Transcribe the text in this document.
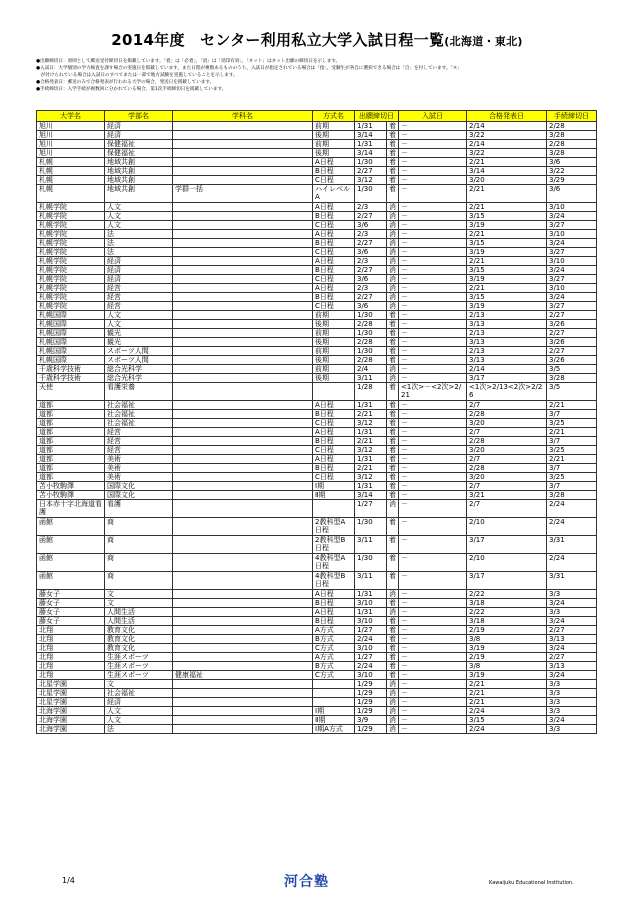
2014年度　センター利用私立大学入試日程一覧(北海道・東北)
●出願締切日：原則として郵送受付締切日を掲載しています。「着」は「必着」，「消」は「消印有効」，「ネット」はネット出願の締切日を示します。
●入試日：大学個別の学力検査を課す場合の実施日を掲載しています。また日程が複数あるもののうち，入試日が指定されている場合は「指」，受験生が各自に選択できる場合は「自」を付しています。「＊」
　が付けられている場合は入試日のすべてまたは一部で地方試験を実施していることを示します。
●合格発表日：郵送のみで合格発表が行われる大学の場合，発送日を掲載しています。
●手続締切日：入学手続が複数回に分かれている場合，第1次手続締切日を掲載しています。
大学名	学部名	学科名	方式名	出願締切日		入試日	合格発表日	手続締切日
旭川	経済		前期	1/31	着	－	2/14	2/28
旭川	経済		後期	3/14	着	－	3/22	3/28
旭川	保健福祉		前期	1/31	着	－	2/14	2/28
旭川	保健福祉		後期	3/14	着	－	3/22	3/28
札幌	地域共創		A日程	1/30	着	－	2/21	3/6
札幌	地域共創		B日程	2/27	着	－	3/14	3/22
札幌	地域共創		C日程	3/12	着	－	3/20	3/29
札幌	地域共創	学群一括	ハイレベルA	1/30	着	－	2/21	3/6
札幌学院	人文		A日程	2/3	消	－	2/21	3/10
札幌学院	人文		B日程	2/27	消	－	3/15	3/24
札幌学院	人文		C日程	3/6	消	－	3/19	3/27
札幌学院	法		A日程	2/3	消	－	2/21	3/10
札幌学院	法		B日程	2/27	消	－	3/15	3/24
札幌学院	法		C日程	3/6	消	－	3/19	3/27
札幌学院	経済		A日程	2/3	消	－	2/21	3/10
札幌学院	経済		B日程	2/27	消	－	3/15	3/24
札幌学院	経済		C日程	3/6	消	－	3/19	3/27
札幌学院	経営		A日程	2/3	消	－	2/21	3/10
札幌学院	経営		B日程	2/27	消	－	3/15	3/24
札幌学院	経営		C日程	3/6	消	－	3/19	3/27
札幌国際	人文		前期	1/30	着	－	2/13	2/27
札幌国際	人文		後期	2/28	着	－	3/13	3/26
札幌国際	観光		前期	1/30	着	－	2/13	2/27
札幌国際	観光		後期	2/28	着	－	3/13	3/26
札幌国際	スポーツ人間		前期	1/30	着	－	2/13	2/27
札幌国際	スポーツ人間		後期	2/28	着	－	3/13	3/26
千歳科学技術	総合光科学		前期	2/4	消	－	2/14	3/5
千歳科学技術	総合光科学		後期	3/11	消	－	3/17	3/28
天使	看護栄養			1/28	着	<1次>－<2次>2/21	<1次>2/13<2次>2/26	3/5
道都	社会福祉		A日程	1/31	着	－	2/7	2/21
道都	社会福祉		B日程	2/21	着	－	2/28	3/7
道都	社会福祉		C日程	3/12	着	－	3/20	3/25
道都	経営		A日程	1/31	着	－	2/7	2/21
道都	経営		B日程	2/21	着	－	2/28	3/7
道都	経営		C日程	3/12	着	－	3/20	3/25
道都	美術		A日程	1/31	着	－	2/7	2/21
道都	美術		B日程	2/21	着	－	2/28	3/7
道都	美術		C日程	3/12	着	－	3/20	3/25
苫小牧駒澤	国際文化		Ⅰ期	1/31	着	－	2/7	3/7
苫小牧駒澤	国際文化		Ⅱ期	3/14	着	－	3/21	3/28
日本赤十字北海道看護	看護			1/27	消	－	2/7	2/24
函館	商		2教科型A日程	1/30	着	－	2/10	2/24
函館	商		2教科型B日程	3/11	着	－	3/17	3/31
函館	商		4教科型A日程	1/30	着	－	2/10	2/24
函館	商		4教科型B日程	3/11	着	－	3/17	3/31
藤女子	文		A日程	1/31	消	－	2/22	3/3
藤女子	文		B日程	3/10	着	－	3/18	3/24
藤女子	人間生活		A日程	1/31	消	－	2/22	3/3
藤女子	人間生活		B日程	3/10	着	－	3/18	3/24
北翔	教育文化		A方式	1/27	着	－	2/19	2/27
北翔	教育文化		B方式	2/24	着	－	3/8	3/13
北翔	教育文化		C方式	3/10	着	－	3/19	3/24
北翔	生涯スポーツ		A方式	1/27	着	－	2/19	2/27
北翔	生涯スポーツ		B方式	2/24	着	－	3/8	3/13
北翔	生涯スポーツ	健康福祉	C方式	3/10	着	－	3/19	3/24
北星学園	文			1/29	消	－	2/21	3/3
北星学園	社会福祉			1/29	消	－	2/21	3/3
北星学園	経済			1/29	消	－	2/21	3/3
北海学園	人文		Ⅰ期	1/29	消	－	2/24	3/3
北海学園	人文		Ⅱ期	3/9	消	－	3/15	3/24
北海学園	法		Ⅰ期A方式	1/29	消	－	2/24	3/3
1/4	河合塾	Kawaijuku Educational Institution.
